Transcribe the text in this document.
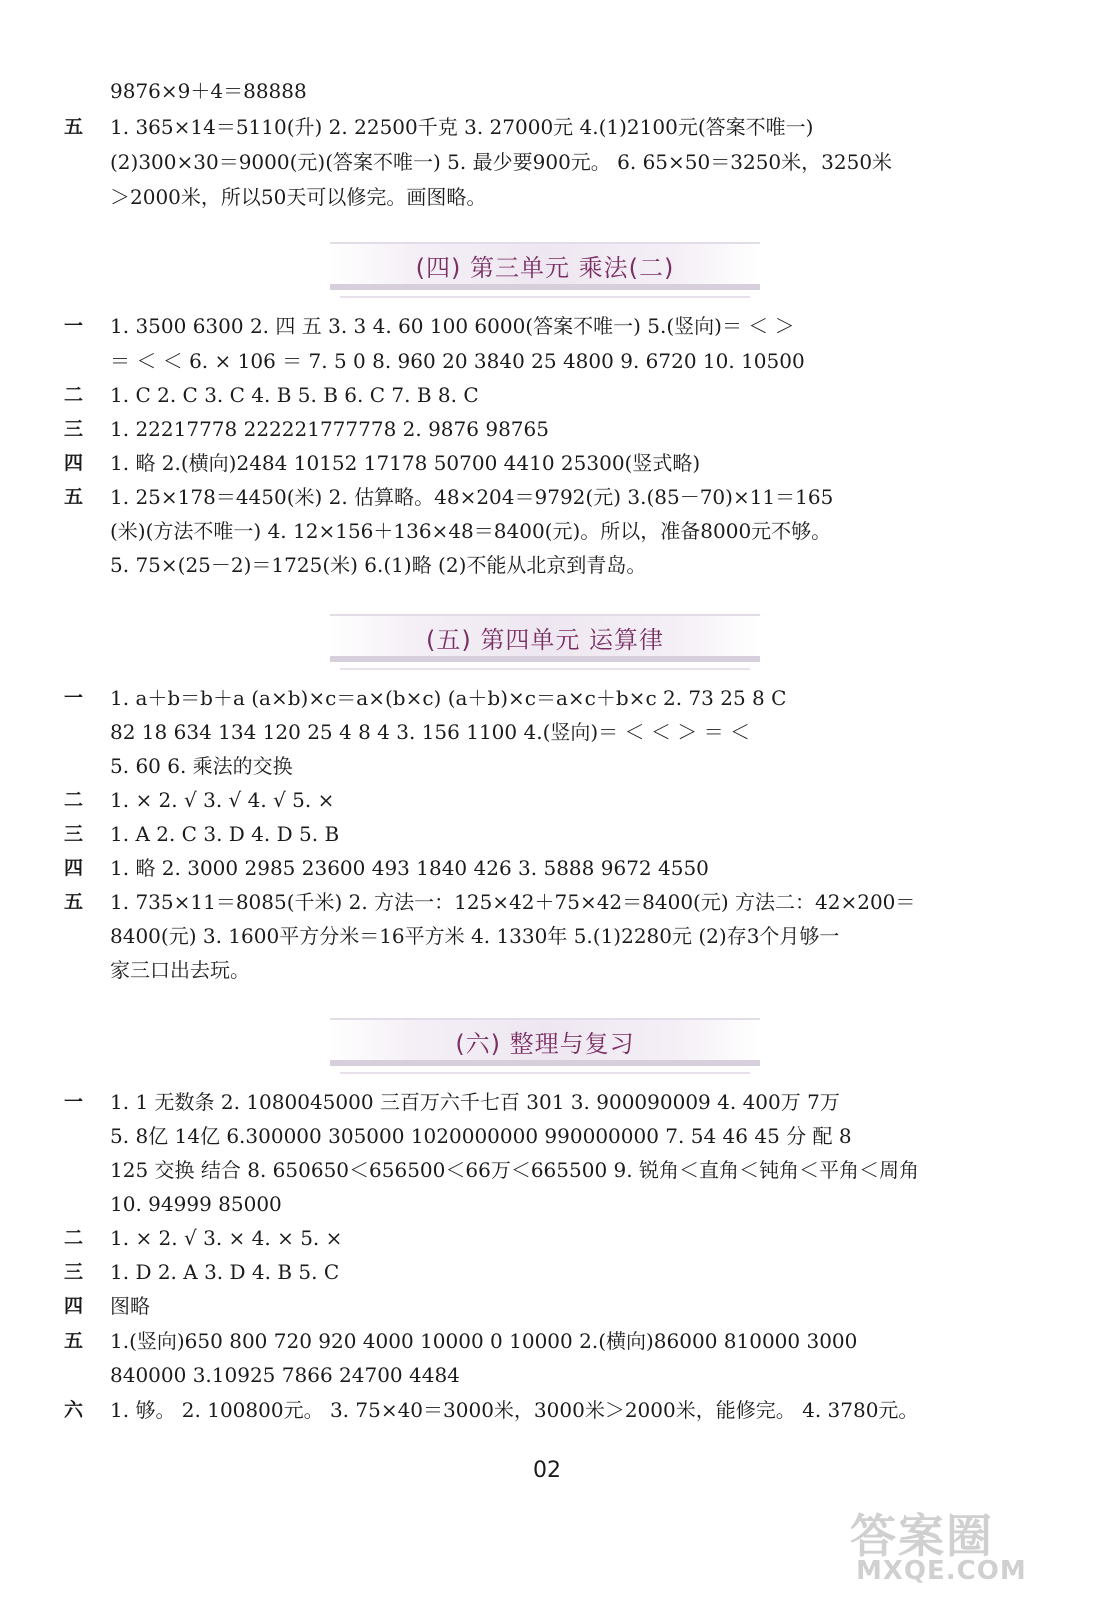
9876×9＋4＝88888
五 1. 365×14＝5110(升) 2. 22500千克 3. 27000元 4.(1)2100元(答案不唯一)
(2)300×30＝9000(元)(答案不唯一) 5. 最少要900元。 6. 65×50＝3250米，3250米
＞2000米，所以50天可以修完。画图略。
(四) 第三单元 乘法(二)
一 1. 3500 6300 2. 四 五 3. 3 4. 60 100 6000(答案不唯一) 5.(竖向)＝ ＜ ＞
＝ ＜ ＜ 6. × 106 ＝ 7. 5 0 8. 960 20 3840 25 4800 9. 6720 10. 10500
二 1. C 2. C 3. C 4. B 5. B 6. C 7. B 8. C
三 1. 22217778 222221777778 2. 9876 98765
四 1. 略 2.(横向)2484 10152 17178 50700 4410 25300(竖式略)
五 1. 25×178＝4450(米) 2. 估算略。48×204＝9792(元) 3.(85－70)×11＝165
(米)(方法不唯一) 4. 12×156＋136×48＝8400(元)。所以，准备8000元不够。
5. 75×(25－2)＝1725(米) 6.(1)略 (2)不能从北京到青岛。
(五) 第四单元 运算律
一 1. a＋b＝b＋a (a×b)×c＝a×(b×c) (a＋b)×c＝a×c＋b×c 2. 73 25 8 C
82 18 634 134 120 25 4 8 4 3. 156 1100 4.(竖向)＝ ＜ ＜ ＞ ＝ ＜
5. 60 6. 乘法的交换
二 1. × 2. √ 3. √ 4. √ 5. ×
三 1. A 2. C 3. D 4. D 5. B
四 1. 略 2. 3000 2985 23600 493 1840 426 3. 5888 9672 4550
五 1. 735×11＝8085(千米) 2. 方法一：125×42＋75×42＝8400(元) 方法二：42×200＝
8400(元) 3. 1600平方分米＝16平方米 4. 1330年 5.(1)2280元 (2)存3个月够一
家三口出去玩。
(六) 整理与复习
一 1. 1 无数条 2. 1080045000 三百万六千七百 301 3. 900090009 4. 400万 7万
5. 8亿 14亿 6.300000 305000 1020000000 990000000 7. 54 46 45 分 配 8
125 交换 结合 8. 650650＜656500＜66万＜665500 9. 锐角＜直角＜钝角＜平角＜周角
10. 94999 85000
二 1. × 2. √ 3. × 4. × 5. ×
三 1. D 2. A 3. D 4. B 5. C
四 图略
五 1.(竖向)650 800 720 920 4000 10000 0 10000 2.(横向)86000 810000 3000
840000 3.10925 7866 24700 4484
六 1. 够。 2. 100800元。 3. 75×40＝3000米，3000米＞2000米，能修完。 4. 3780元。
02
答案圈
MXQE.COM
